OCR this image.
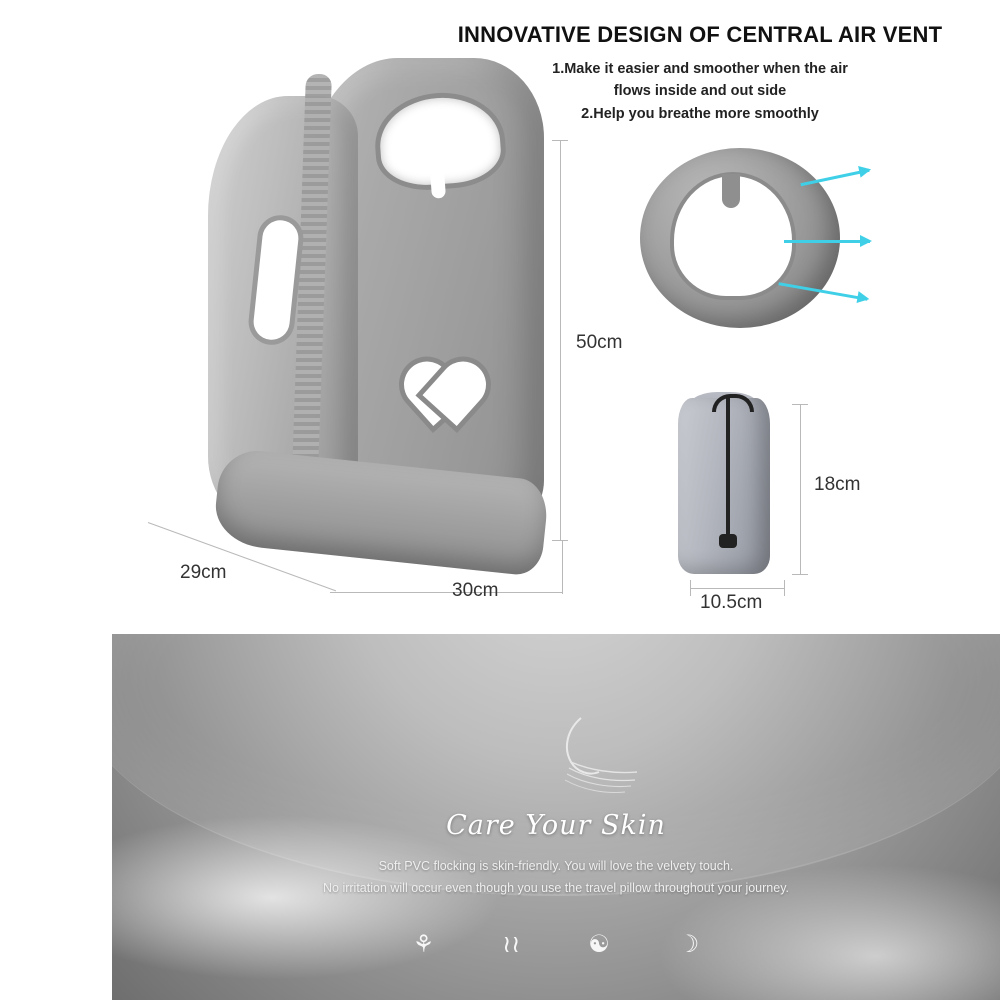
INNOVATIVE DESIGN OF CENTRAL AIR VENT
1.Make it easier and smoother when the air
flows inside and out side
2.Help you breathe more smoothly
50cm
29cm
30cm
18cm
10.5cm
Care Your Skin
Soft PVC flocking is skin-friendly. You will love the velvety touch.
No irritation will occur even though you use the travel pillow throughout your journey.
⚘	≀≀	☯	☽
